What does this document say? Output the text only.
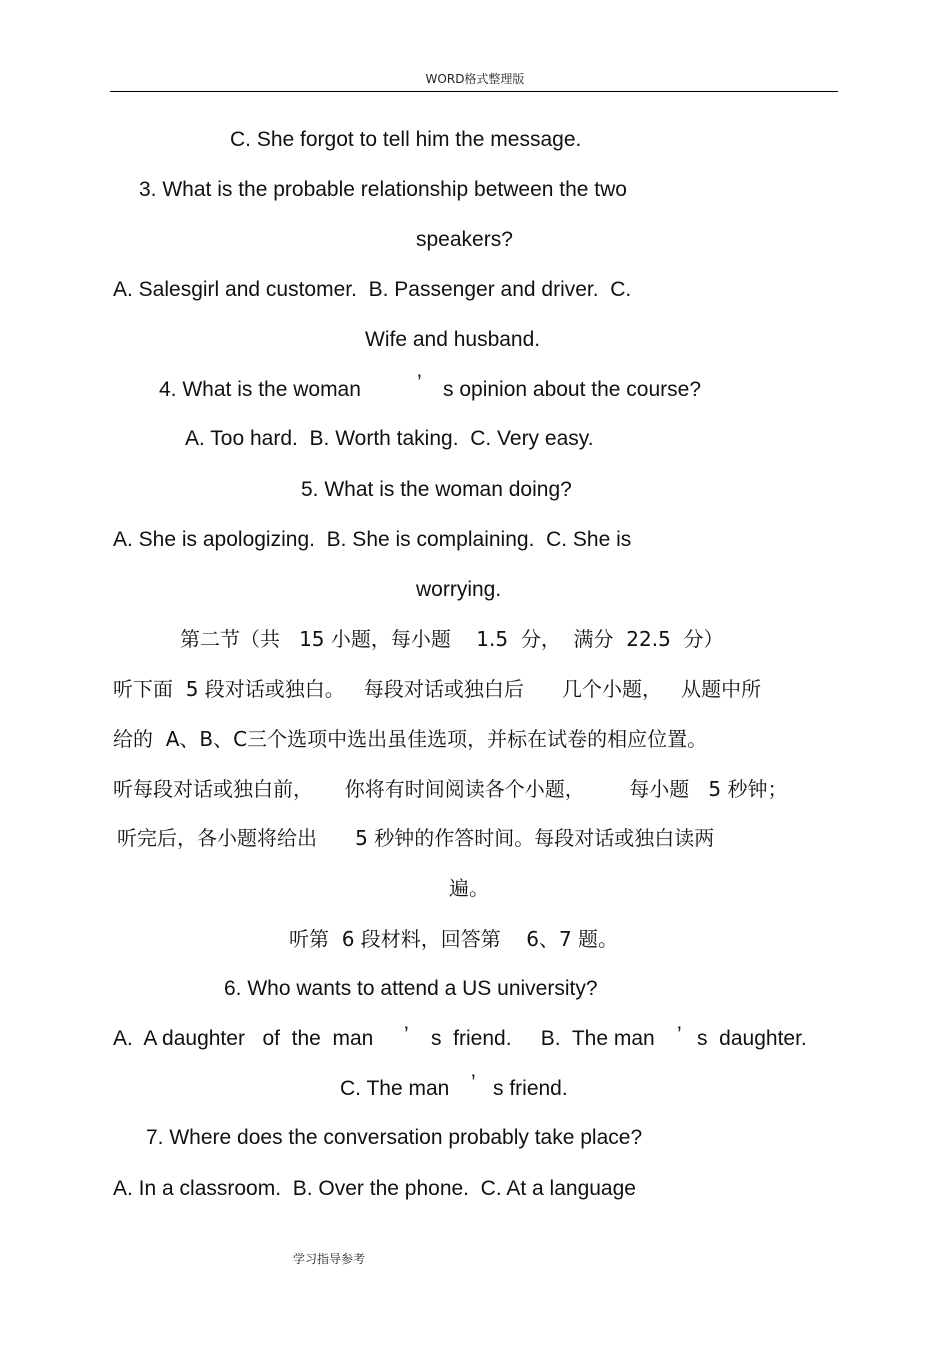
WORD格式整理版
C. She forgot to tell him the message.
3. What is the probable relationship between the two
speakers?
A. Salesgirl and customer.  B. Passenger and driver.  C.
Wife and husband.
4. What is the woman	’ s opinion about the course?
A. Too hard.  B. Worth taking.  C. Very easy.
5. What is the woman doing?
A. She is apologizing.  B. She is complaining.  C. She is
worrying.
第二节（共   15 小题，每小题    1.5  分，  满分  22.5  分）
听下面  5 段对话或独白。   每段对话或独白后      几个小题，   从题中所
给的  A、B、C三个选项中选出虽佳选项，并标在试卷的相应位置。
听每段对话或独白前，     你将有时间阅读各个小题，       每小题   5 秒钟；
听完后，各小题将给出      5 秒钟的作答时间。每段对话或独白读两
遍。
听第  6 段材料，回答第    6、7 题。
6. Who wants to attend a US university?
A.  A daughter   of  the  man ’ s  friend.     B.  The man ’ s  daughter.
C. The man ’ s friend.
7. Where does the conversation probably take place?
A. In a classroom.  B. Over the phone.  C. At a language
学习指导参考
